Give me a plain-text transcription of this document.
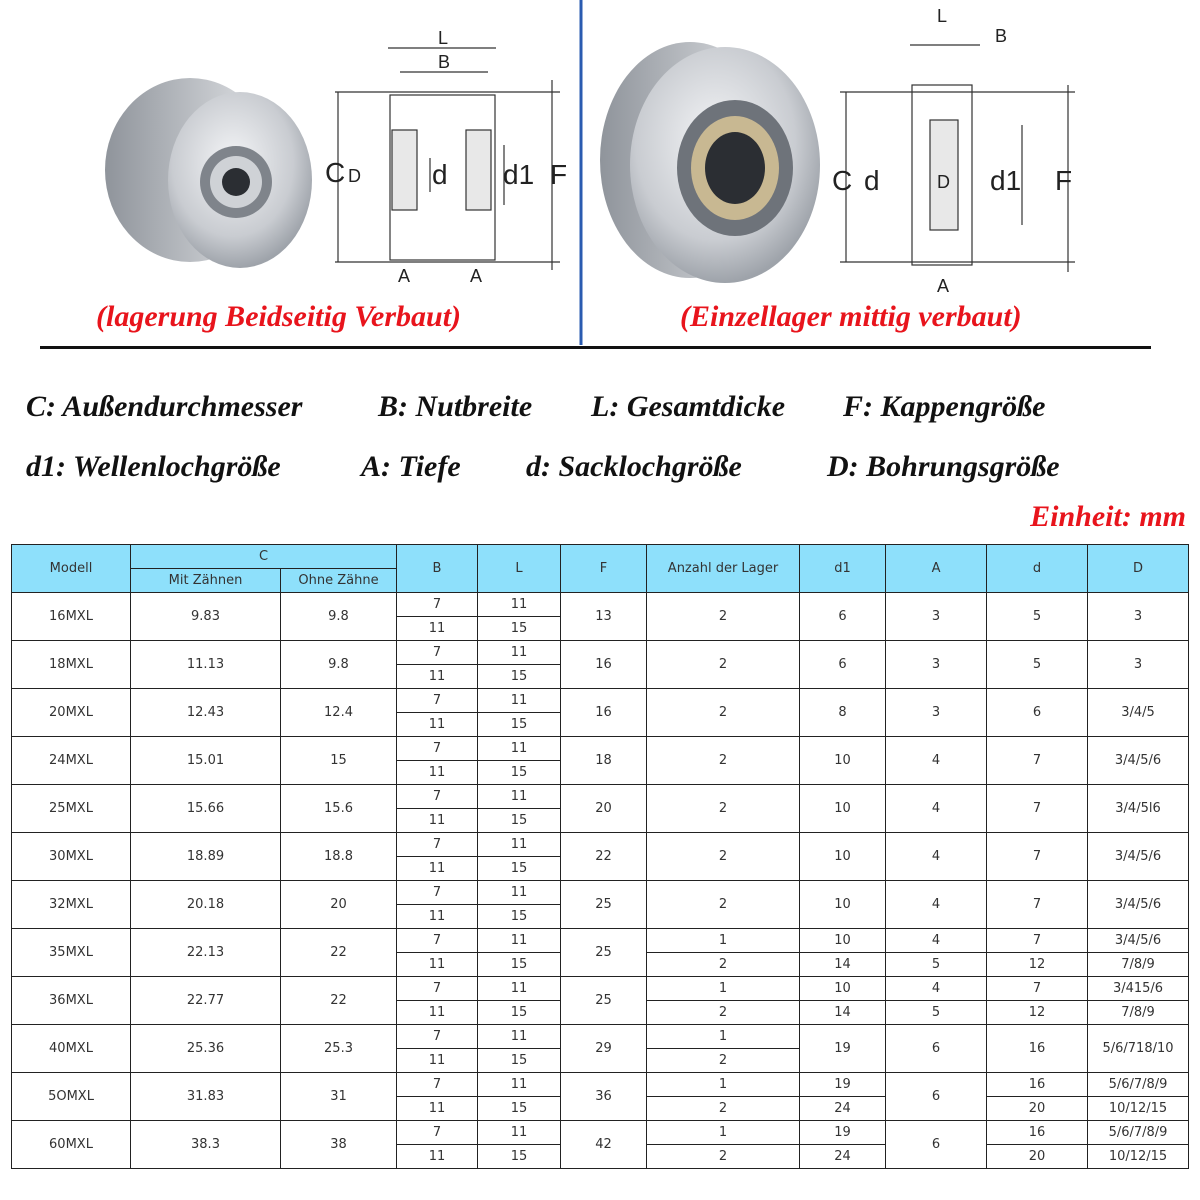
L
B
C D	d d1 F
A	A
L
B
C d	D d1 F
A
(lagerung Beidseitig Verbaut)	(Einzellager mittig verbaut)
C: Außendurchmesser	B: Nutbreite L: Gesamtdicke F: Kappengröße
d1: Wellenlochgröße	A: Tiefe d: Sacklochgröße	D: Bohrungsgröße
Einheit: mm
Modell	C		B	L	F	Anzahl der Lager	d1	A	d	D
	Mit Zähnen	Ohne Zähne								
16MXL	9.83	9.8	7	11	13	2	6	3	5	3
			11	15						
18MXL	11.13	9.8	7	11	16	2	6	3	5	3
			11	15						
20MXL	12.43	12.4	7	11	16	2	8	3	6	3/4/5
			11	15						
24MXL	15.01	15	7	11	18	2	10	4	7	3/4/5/6
			11	15						
25MXL	15.66	15.6	7	11	20	2	10	4	7	3/4/5l6
			11	15						
30MXL	18.89	18.8	7	11	22	2	10	4	7	3/4/5/6
			11	15						
32MXL	20.18	20	7	11	25	2	10	4	7	3/4/5/6
			11	15						
35MXL	22.13	22	7	11	25	1	10	4	7	3/4/5/6
			11	15		2	14	5	12	7/8/9
36MXL	22.77	22	7	11	25	1	10	4	7	3/415/6
			11	15		2	14	5	12	7/8/9
40MXL	25.36	25.3	7	11	29	1	19	6	16	5/6/718/10
			11	15		2				
5OMXL	31.83	31	7	11	36	1	19	6	16	5/6/7/8/9
			11	15		2	24		20	10/12/15
60MXL	38.3	38	7	11	42	1	19	6	16	5/6/7/8/9
			11	15		2	24		20	10/12/15
